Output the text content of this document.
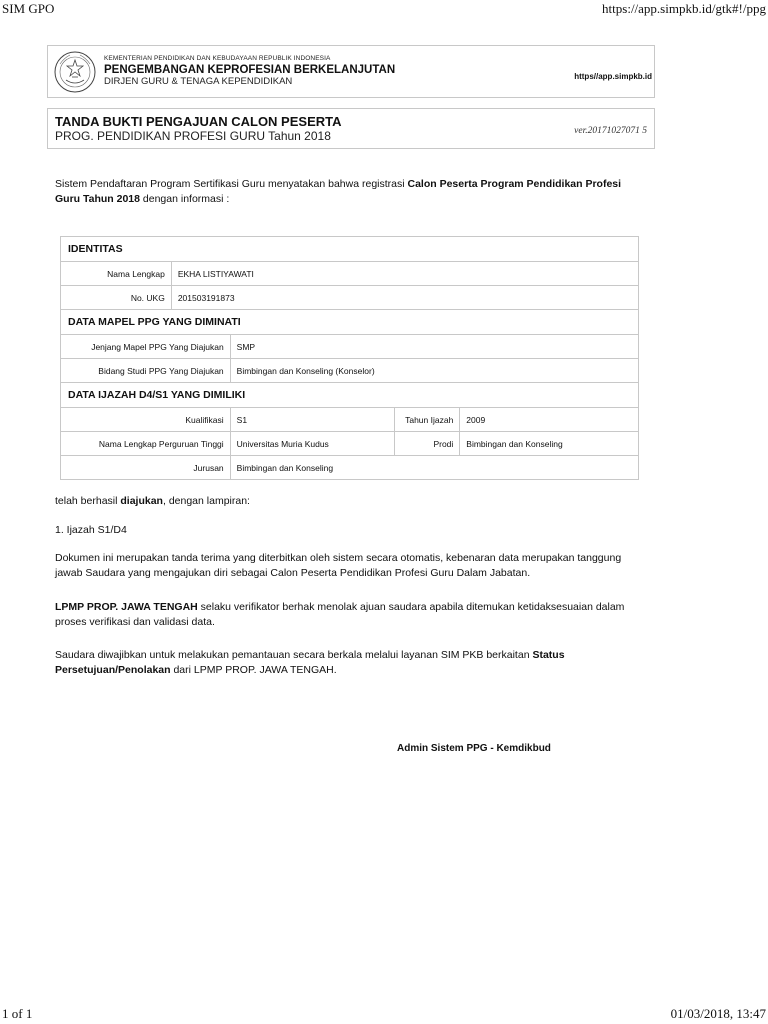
SIM GPO	https://app.simpkb.id/gtk#!/ppg
KEMENTERIAN PENDIDIKAN DAN KEBUDAYAAN REPUBLIK INDONESIA
PENGEMBANGAN KEPROFESIAN BERKELANJUTAN
DIRJEN GURU & TENAGA KEPENDIDIKAN	https//app.simpkb.id
TANDA BUKTI PENGAJUAN CALON PESERTA
PROG. PENDIDIKAN PROFESI GURU Tahun 2018	ver.20171027071 5
Sistem Pendaftaran Program Sertifikasi Guru menyatakan bahwa registrasi Calon Peserta Program Pendidikan Profesi Guru Tahun 2018 dengan informasi :
IDENTITAS				
Nama Lengkap	EKHA LISTIYAWATI			
No. UKG	201503191873			
DATA MAPEL PPG YANG DIMINATI				
Jenjang Mapel PPG Yang Diajukan		SMP		
Bidang Studi PPG Yang Diajukan		Bimbingan dan Konseling (Konselor)		
DATA IJAZAH D4/S1 YANG DIMILIKI				
Kualifikasi		S1	Tahun Ijazah	2009
Nama Lengkap Perguruan Tinggi		Universitas Muria Kudus	Prodi	Bimbingan dan Konseling
Jurusan		Bimbingan dan Konseling		
telah berhasil diajukan, dengan lampiran:
1. Ijazah S1/D4
Dokumen ini merupakan tanda terima yang diterbitkan oleh sistem secara otomatis, kebenaran data merupakan tanggung jawab Saudara yang mengajukan diri sebagai Calon Peserta Pendidikan Profesi Guru Dalam Jabatan.
LPMP PROP. JAWA TENGAH selaku verifikator berhak menolak ajuan saudara apabila ditemukan ketidaksesuaian dalam proses verifikasi dan validasi data.
Saudara diwajibkan untuk melakukan pemantauan secara berkala melalui layanan SIM PKB berkaitan Status Persetujuan/Penolakan dari LPMP PROP. JAWA TENGAH.
Admin Sistem PPG - Kemdikbud
1 of 1	01/03/2018, 13:47
